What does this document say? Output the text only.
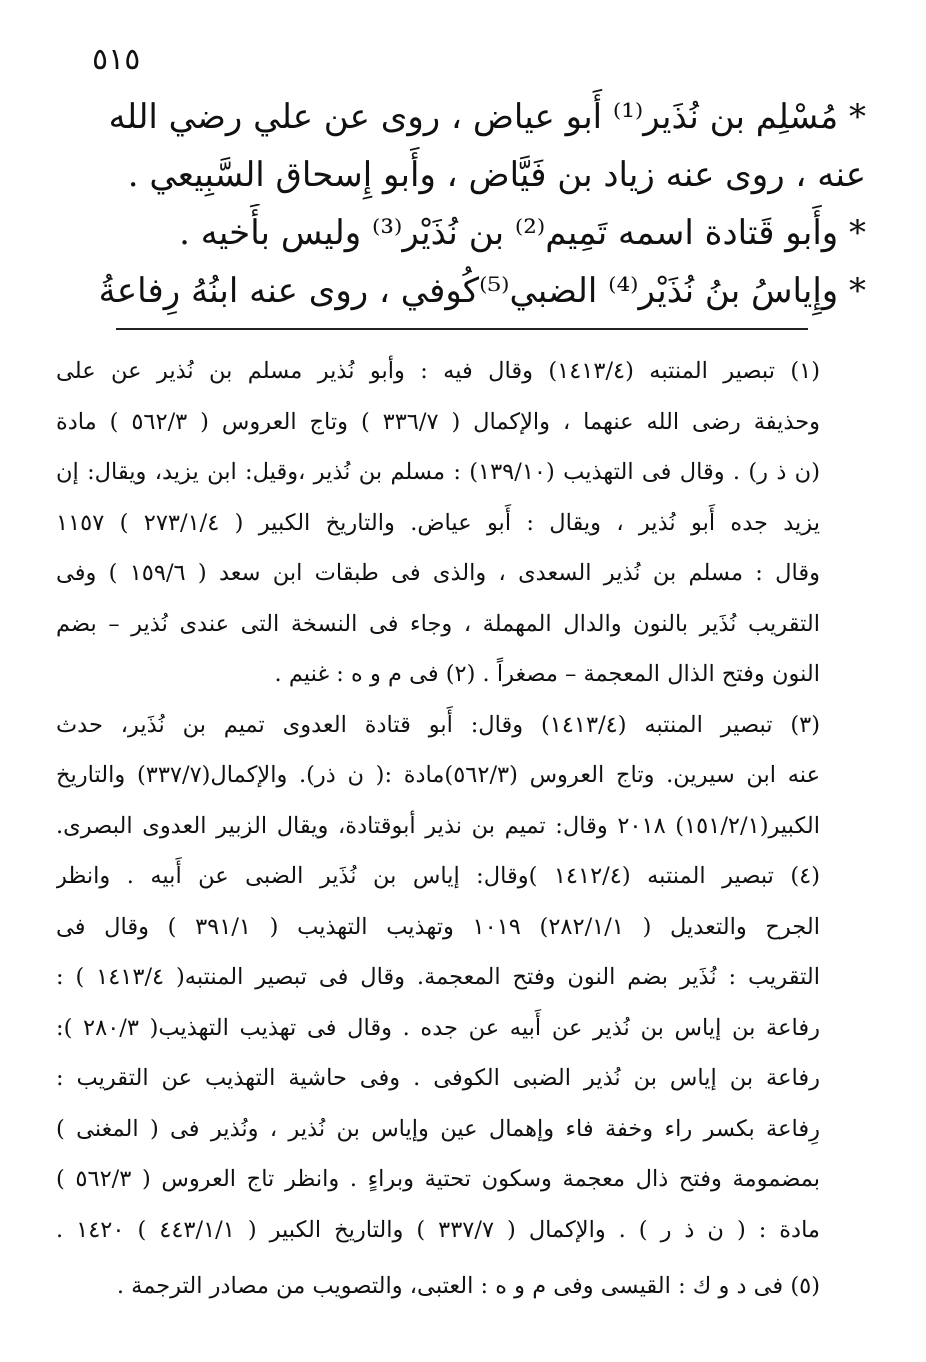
٥١٥
* مُسْلِم بن نُذَير⁽¹⁾ أَبو عياض ، روى عن علي رضي الله
عنه ، روى عنه زياد بن فَيَّاض ، وأَبو إِسحاق السَّبِيعي .
* وأَبو قَتادة اسمه تَمِيم⁽²⁾ بن نُذَيْر⁽³⁾ وليس بأَخيه .
* وإِياسُ بنُ نُذَيْر⁽⁴⁾ الضبي⁽⁵⁾كُوفي ، روى عنه ابنُهُ رِفاعةُ
(١) تبصير المنتبه (١٤١٣/٤) وقال فيه : وأبو نُذير مسلم بن نُذير عن على
وحذيفة رضى الله عنهما ، والإكمال ( ٣٣٦/٧ ) وتاج العروس ( ٥٦٢/٣ ) مادة
(ن ذ ر) . وقال فى التهذيب (١٣٩/١٠) : مسلم بن نُذير ،وقيل: ابن يزيد، ويقال: إن
يزيد جده أَبو نُذير ، ويقال : أَبو عياض. والتاريخ الكبير ( ٢٧٣/١/٤ ) ١١٥٧
وقال : مسلم بن نُذير السعدى ، والذى فى طبقات ابن سعد ( ١٥٩/٦ ) وفى
التقريب نُذَير بالنون والدال المهملة ، وجاء فى النسخة التى عندى نُذير – بضم
النون وفتح الذال المعجمة – مصغراً . (٢) فى م و ه : غنيم .
(٣) تبصير المنتبه (١٤١٣/٤) وقال: أَبو قتادة العدوى تميم بن نُذَير، حدث
عنه ابن سيرين. وتاج العروس (٥٦٢/٣)مادة :( ن ذر). والإكمال(٣٣٧/٧) والتاريخ
الكبير(١٥١/٢/١) ٢٠١٨ وقال: تميم بن نذير أبوقتادة، ويقال الزبير العدوى البصرى.
(٤) تبصير المنتبه (١٤١٢/٤ )وقال: إياس بن نُذَير الضبى عن أَبيه . وانظر
الجرح والتعديل ( ٢٨٢/١/١) ١٠١٩ وتهذيب التهذيب ( ٣٩١/١ ) وقال فى
التقريب : نُذَير بضم النون وفتح المعجمة. وقال فى تبصير المنتبه( ١٤١٣/٤ ) :
رفاعة بن إياس بن نُذير عن أَبيه عن جده . وقال فى تهذيب التهذيب( ٢٨٠/٣ ):
رفاعة بن إياس بن نُذير الضبى الكوفى . وفى حاشية التهذيب عن التقريب :
رِفاعة بكسر راء وخفة فاء وإهمال عين وإياس بن نُذير ، ونُذير فى ( المغنى )
بمضمومة وفتح ذال معجمة وسكون تحتية وبراءٍ . وانظر تاج العروس ( ٥٦٢/٣ )
مادة : ( ن ذ ر ) . والإكمال ( ٣٣٧/٧ ) والتاريخ الكبير ( ٤٤٣/١/١ ) ١٤٢٠ .
(٥) فى د و ك : القيسى وفى م و ه : العتبى، والتصويب من مصادر الترجمة .
